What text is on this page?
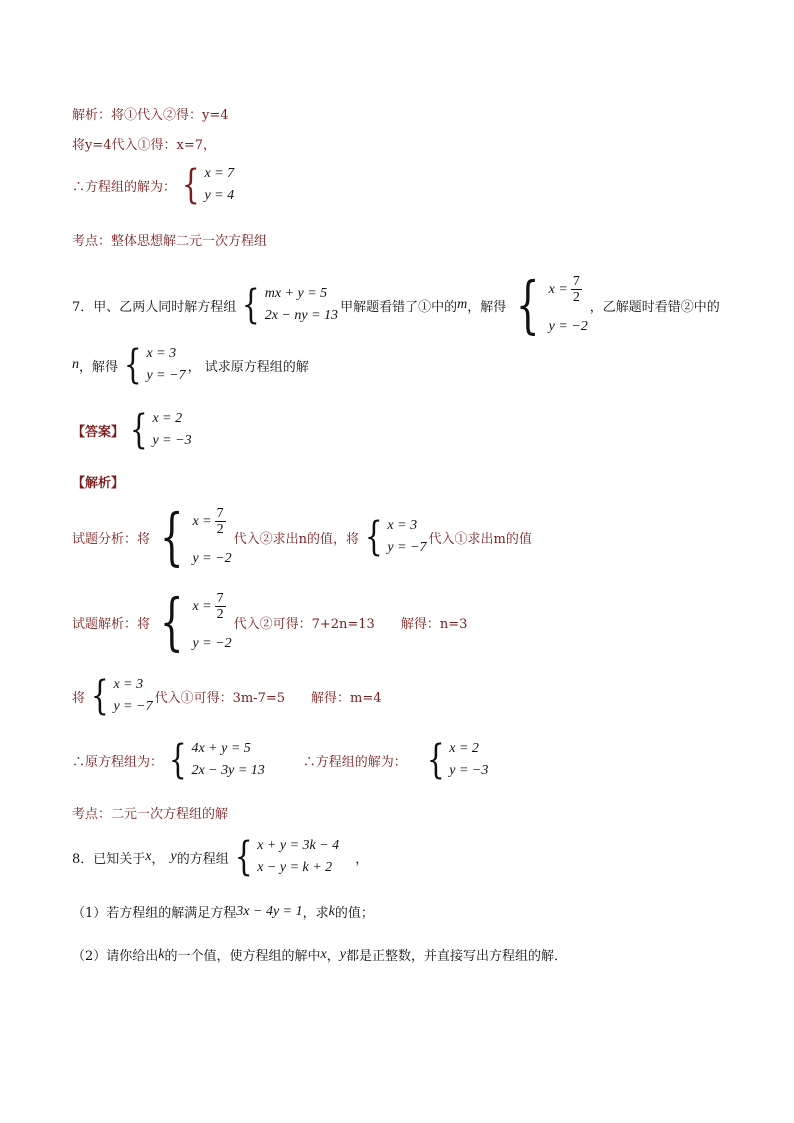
解析：将①代入②得：y=4
将y=4代入①得：x=7，
∴方程组的解为： { x = 7
y = 4
考点：整体思想解二元一次方程组
7．甲、乙两人同时解方程组 { mx + y = 5
2x − ny = 13
甲解题看错了①中的 m ，解得 { $x = \frac{7}{2}$
y = −2
，乙解题时看错②中的
n ，解得 { x = 3
y = −7
， 试求原方程组的解
【答案】 { x = 2
y = −3
【解析】
试题分析：将 { $x = \frac{7}{2}$
y = −2
代入②求出n的值，将 { x = 3
y = −7
代入①求出m的值
试题解析：将 { $x = \frac{7}{2}$
y = −2
代入②可得：7+2n=13 解得：n=3
将 { x = 3
y = −7
代入①可得：3m-7=5 解得：m=4
∴原方程组为： { 4x + y = 5
2x − 3y = 13
∴方程组的解为： { x = 2
y = −3
考点：二元一次方程组的解
8．已知关于 x ， y 的方程组 { x + y = 3k − 4
x − y = k + 2
，
（1）若方程组的解满足方程 3x − 4y = 1 ，求 k 的值；
（2）请你给出 k 的一个值，使方程组的解中 x ， y 都是正整数，并直接写出方程组的解．
